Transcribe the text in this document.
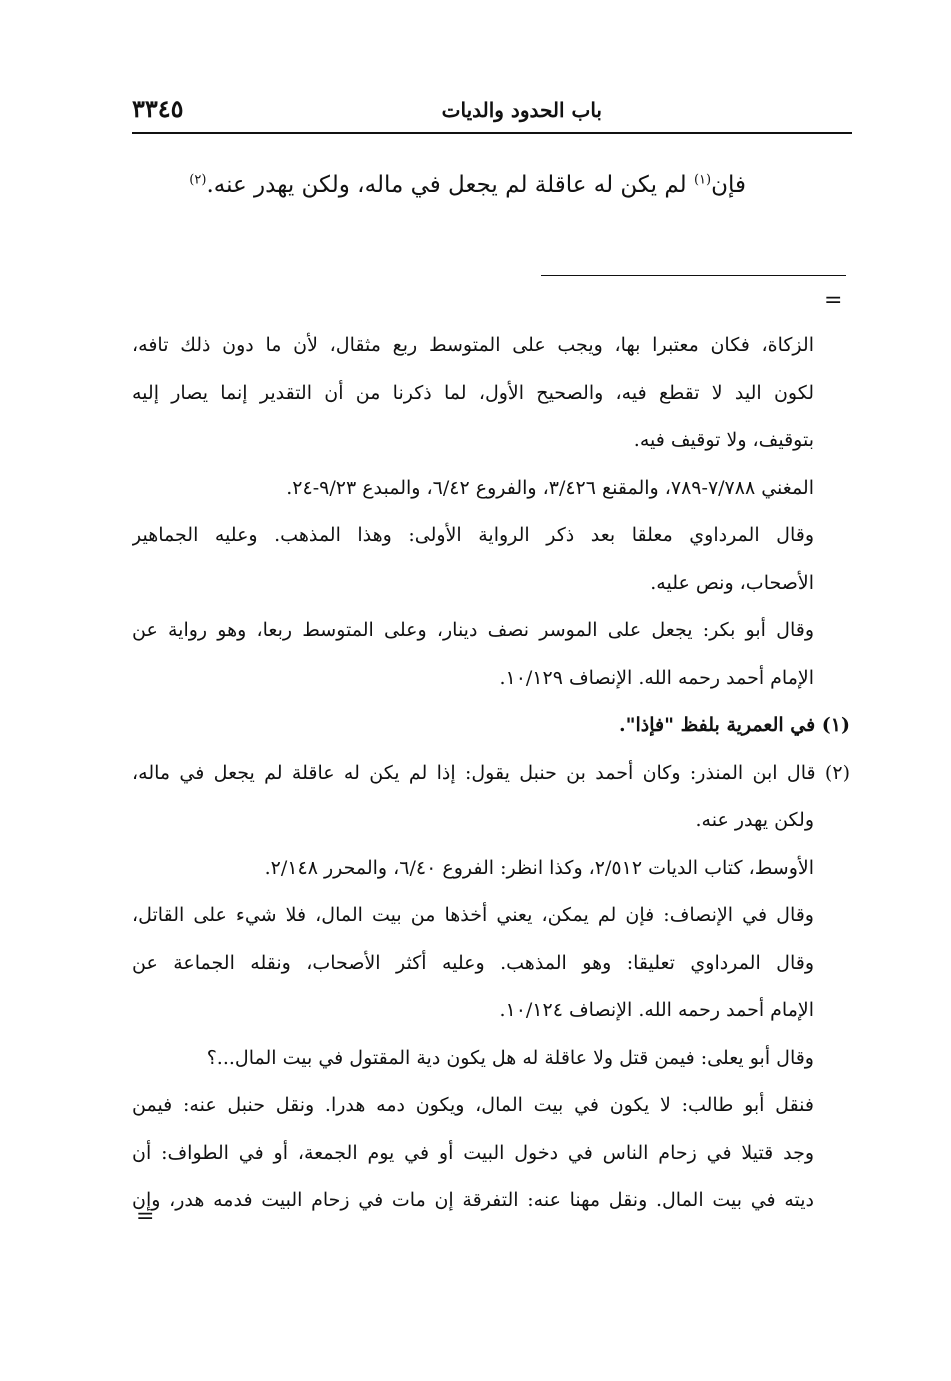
باب الحدود والديات
٣٣٤٥
فإن$^{(١)}$ لم يكن له عاقلة لم يجعل في ماله، ولكن يهدر عنه.$^{(٢)}$
=
الزكاة، فكان معتبرا بها، ويجب على المتوسط ربع مثقال، لأن ما دون ذلك تافه،
لكون اليد لا تقطع فيه، والصحيح الأول، لما ذكرنا من أن التقدير إنما يصار إليه
بتوقيف، ولا توقيف فيه.
المغني ٧/٧٨٨-٧٨٩، والمقنع ٣/٤٢٦، والفروع ٦/٤٢، والمبدع ٩/٢٣-٢٤.
وقال المرداوي معلقا بعد ذكر الرواية الأولى: وهذا المذهب. وعليه الجماهير
الأصحاب، ونص عليه.
وقال أبو بكر: يجعل على الموسر نصف دينار، وعلى المتوسط ربعا، وهو رواية عن
الإمام أحمد رحمه الله. الإنصاف ١٠/١٢٩.
(١) في العمرية بلفظ "فإذا".
(٢) قال ابن المنذر: وكان أحمد بن حنبل يقول: إذا لم يكن له عاقلة لم يجعل في ماله،
ولكن يهدر عنه.
الأوسط، كتاب الديات ٢/٥١٢، وكذا انظر: الفروع ٦/٤٠، والمحرر ٢/١٤٨.
وقال في الإنصاف: فإن لم يمكن، يعني أخذها من بيت المال، فلا شيء على القاتل،
وقال المرداوي تعليقا: وهو المذهب. وعليه أكثر الأصحاب، ونقله الجماعة عن
الإمام أحمد رحمه الله. الإنصاف ١٠/١٢٤.
وقال أبو يعلى: فيمن قتل ولا عاقلة له هل يكون دية المقتول في بيت المال...؟
فنقل أبو طالب: لا يكون في بيت المال، ويكون دمه هدرا. ونقل حنبل عنه: فيمن
وجد قتيلا في زحام الناس في دخول البيت أو في يوم الجمعة، أو في الطواف: أن
ديته في بيت المال. ونقل مهنا عنه: التفرقة إن مات في زحام البيت فدمه هدر، وإن
=
